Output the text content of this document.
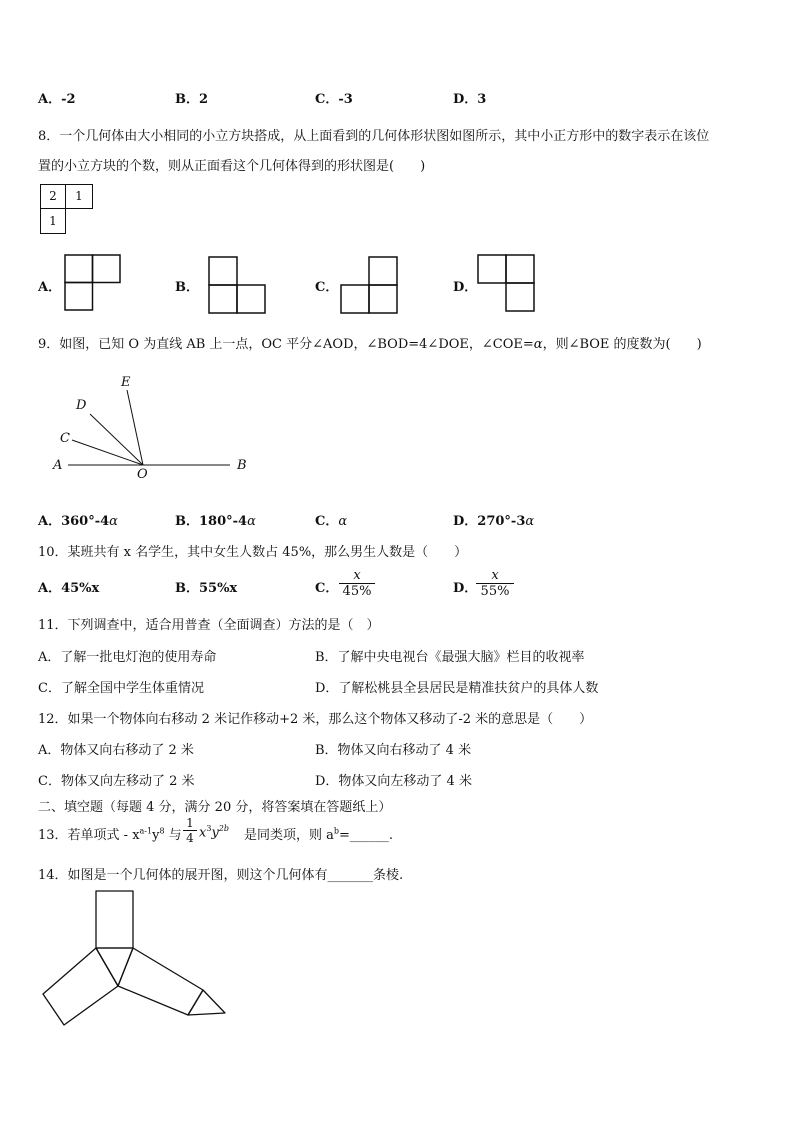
A．-2	B．2	C．-3	D．3
8．一个几何体由大小相同的小立方块搭成，从上面看到的几何体形状图如图所示，其中小正方形中的数字表示在该位
置的小立方块的个数，则从正面看这个几何体得到的形状图是(　　)
2	1
1
A．	B．	C．	D．
9．如图，已知 O 为直线 AB 上一点，OC 平分∠AOD，∠BOD=4∠DOE，∠COE=α，则∠BOE 的度数为(　　)
E
D
C
A
O
B
A．360°-4α	B．180°-4α	C．α	D．270°-3α
10．某班共有 x 名学生，其中女生人数占 45%，那么男生人数是（　　）
A．45%x	B．55%x	C． $\frac{x}{45\%}$	D．
$\frac{x}{55\%}$
11．下列调查中，适合用普查（全面调查）方法的是（　）
A．了解一批电灯泡的使用寿命	B．了解中央电视台《最强大脑》栏目的收视率
C．了解全国中学生体重情况	D．了解松桃县全县居民是精准扶贫户的具体人数
12．如果一个物体向右移动 2 米记作移动+2 米，那么这个物体又移动了-2 米的意思是（　　）
A．物体又向右移动了 2 米	B．物体又向右移动了 4 米
C．物体又向左移动了 2 米	D．物体又向左移动了 4 米
二、填空题（每题 4 分，满分 20 分，将答案填在答题纸上）
13．若单项式 - $x^{a-1}y^8$ 与 $\frac{1}{4} x^3y^{2b}$ 是同类项，则 $a^b=\_\_\_\_\_\_$.
14．如图是一个几何体的展开图，则这个几何体有_______条棱.
